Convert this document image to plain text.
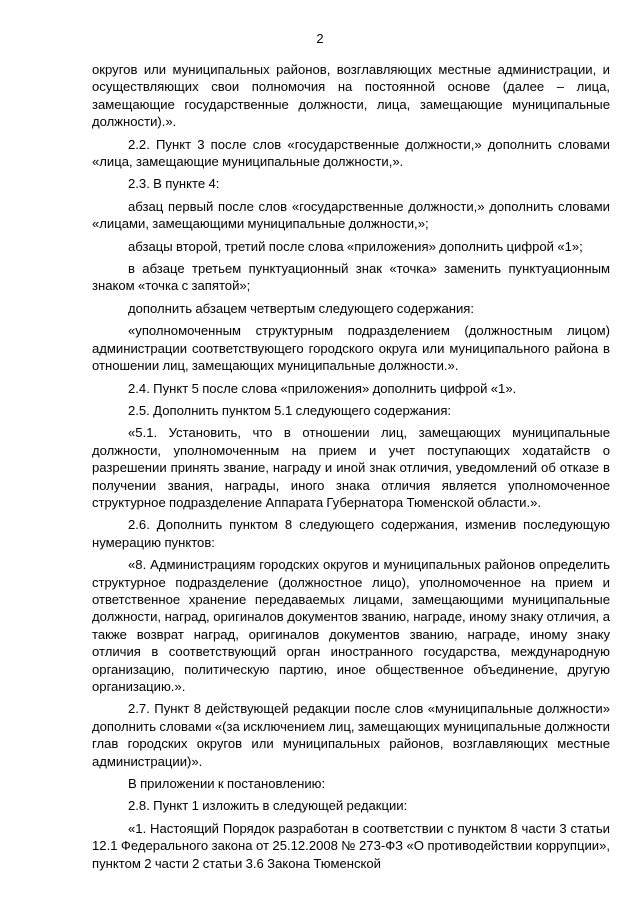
2

округов или муниципальных районов, возглавляющих местные администрации, и осуществляющих свои полномочия на постоянной основе (далее – лица, замещающие государственные должности, лица, замещающие муниципальные должности).».

2.2. Пункт 3 после слов «государственные должности,» дополнить словами «лица, замещающие муниципальные должности,».

2.3. В пункте 4:

абзац первый после слов «государственные должности,» дополнить словами «лицами, замещающими муниципальные должности,»;

абзацы второй, третий после слова «приложения» дополнить цифрой «1»;

в абзаце третьем пунктуационный знак «точка» заменить пунктуационным знаком «точка с запятой»;

дополнить абзацем четвертым следующего содержания:

«уполномоченным структурным подразделением (должностным лицом) администрации соответствующего городского округа или муниципального района в отношении лиц, замещающих муниципальные должности.».

2.4. Пункт 5 после слова «приложения» дополнить цифрой «1».

2.5. Дополнить пунктом 5.1 следующего содержания:

«5.1. Установить, что в отношении лиц, замещающих муниципальные должности, уполномоченным на прием и учет поступающих ходатайств о разрешении принять звание, награду и иной знак отличия, уведомлений об отказе в получении звания, награды, иного знака отличия является уполномоченное структурное подразделение Аппарата Губернатора Тюменской области.».

2.6. Дополнить пунктом 8 следующего содержания, изменив последующую нумерацию пунктов:

«8. Администрациям городских округов и муниципальных районов определить структурное подразделение (должностное лицо), уполномоченное на прием и ответственное хранение передаваемых лицами, замещающими муниципальные должности, наград, оригиналов документов званию, награде, иному знаку отличия, а также возврат наград, оригиналов документов званию, награде, иному знаку отличия в соответствующий орган иностранного государства, международную организацию, политическую партию, иное общественное объединение, другую организацию.».

2.7. Пункт 8 действующей редакции после слов «муниципальные должности» дополнить словами «(за исключением лиц, замещающих муниципальные должности глав городских округов или муниципальных районов, возглавляющих местные администрации)».

В приложении к постановлению:

2.8. Пункт 1 изложить в следующей редакции:

«1. Настоящий Порядок разработан в соответствии с пунктом 8 части 3 статьи 12.1 Федерального закона от 25.12.2008 № 273-ФЗ «О противодействии коррупции», пунктом 2 части 2 статьи 3.6 Закона Тюменской
